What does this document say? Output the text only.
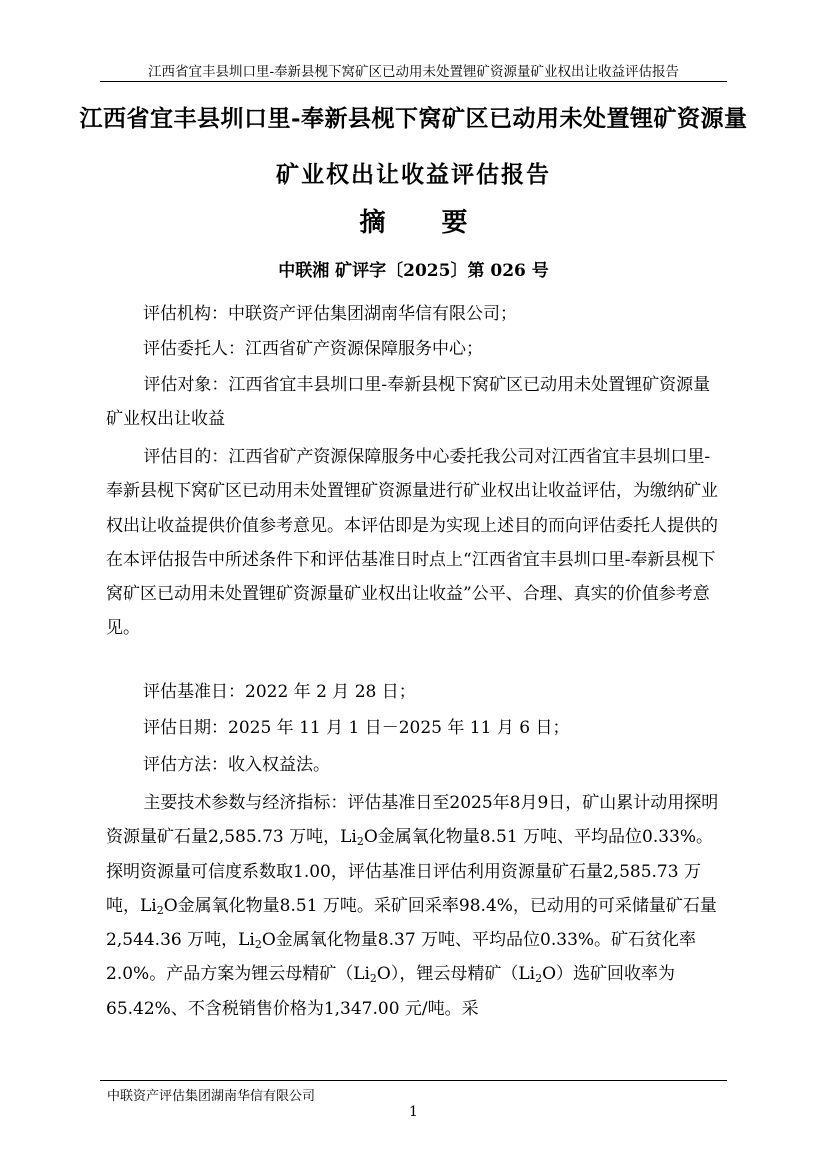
江西省宜丰县圳口里-奉新县枧下窝矿区已动用未处置锂矿资源量矿业权出让收益评估报告
江西省宜丰县圳口里-奉新县枧下窝矿区已动用未处置锂矿资源量
矿业权出让收益评估报告
摘 要
中联湘 矿评字〔2025〕第 026 号
评估机构：中联资产评估集团湖南华信有限公司；
评估委托人：江西省矿产资源保障服务中心；
评估对象：江西省宜丰县圳口里-奉新县枧下窝矿区已动用未处置锂矿资源量矿业权出让收益
评估目的：江西省矿产资源保障服务中心委托我公司对江西省宜丰县圳口里-奉新县枧下窝矿区已动用未处置锂矿资源量进行矿业权出让收益评估，为缴纳矿业权出让收益提供价值参考意见。本评估即是为实现上述目的而向评估委托人提供的在本评估报告中所述条件下和评估基准日时点上“江西省宜丰县圳口里-奉新县枧下窝矿区已动用未处置锂矿资源量矿业权出让收益”公平、合理、真实的价值参考意见。
评估基准日：2022 年 2 月 28 日；
评估日期：2025 年 11 月 1 日－2025 年 11 月 6 日；
评估方法：收入权益法。
主要技术参数与经济指标：评估基准日至2025年8月9日，矿山累计动用探明资源量矿石量2,585.73 万吨，$Li_2O$金属氧化物量8.51 万吨、平均品位0.33%。探明资源量可信度系数取1.00，评估基准日评估利用资源量矿石量2,585.73 万吨，$Li_2O$金属氧化物量8.51 万吨。采矿回采率98.4%，已动用的可采储量矿石量 2,544.36 万吨，$Li_2O$金属氧化物量8.37 万吨、平均品位0.33%。矿石贫化率2.0%。产品方案为锂云母精矿$(Li_2O)$，锂云母精矿$(Li_2O)$选矿回收率为65.42%、不含税销售价格为1,347.00 元/吨。采
中联资产评估集团湖南华信有限公司
1
